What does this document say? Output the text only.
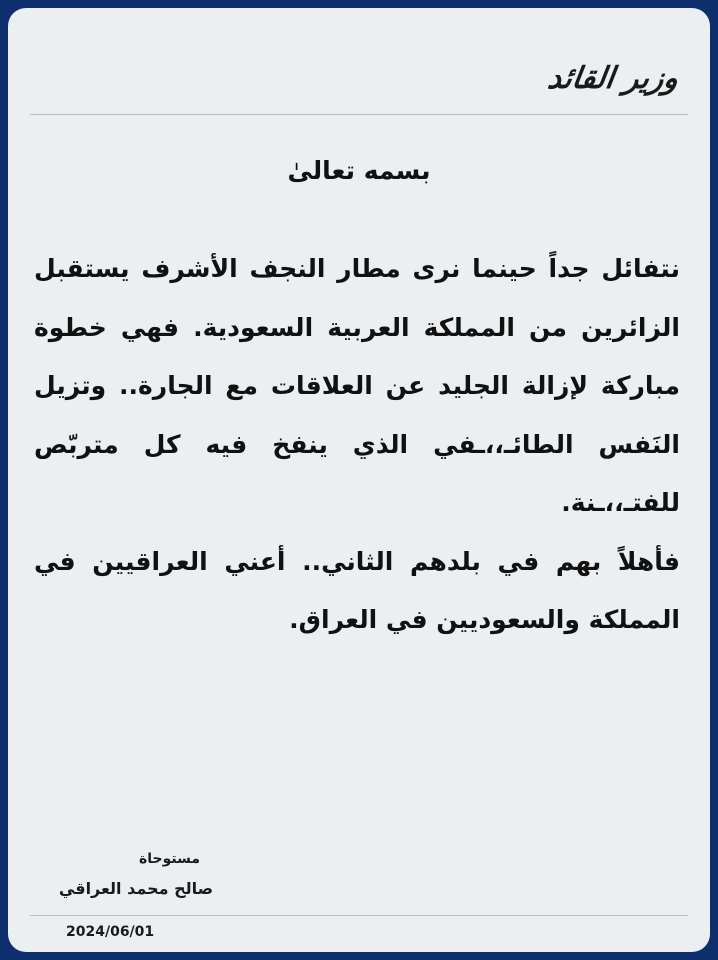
وزير القائد
بسمه تعالىٰ

نتفائل جداً حينما نرى مطار النجف الأشرف يستقبل الزائرين من المملكة العربية السعودية. فهي خطوة مباركة لإزالة الجليد عن العلاقات مع الجارة.. وتزيل النَفس الطائـ،،ـفي الذي ينفخ فيه كل متربّص للفتـ،،ـنة.

فأهلاً بهم في بلدهم الثاني.. أعني العراقيين في المملكة والسعوديين في العراق.

مستوحاة
صالح محمد العراقي
2024/06/01
